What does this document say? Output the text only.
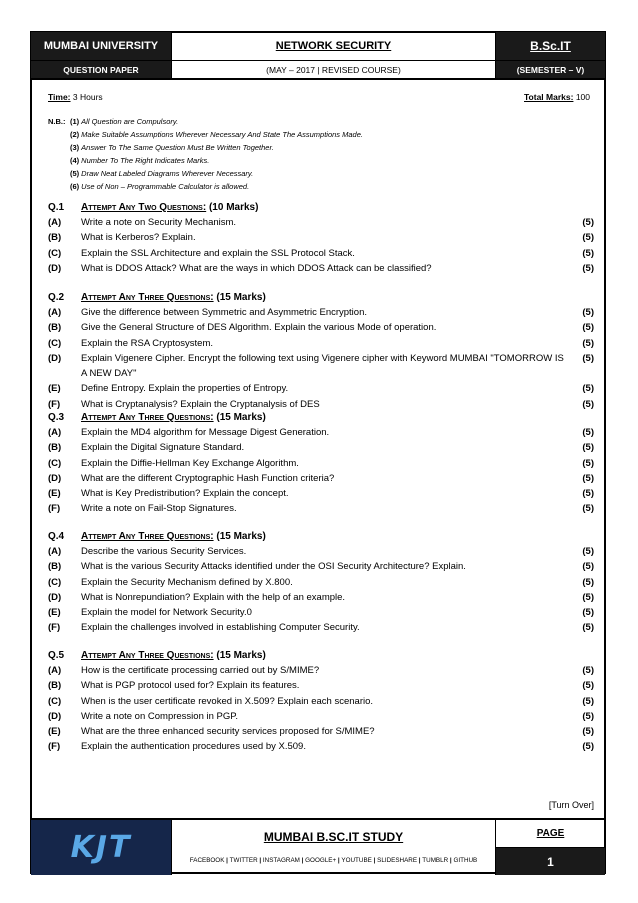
MUMBAI UNIVERSITY	NETWORK SECURITY	B.Sc.IT
QUESTION PAPER	(MAY – 2017 | REVISED COURSE)	(SEMESTER – V)
Time: 3 Hours	Total Marks: 100
N.B.: (1) All Question are Compulsory.
(2) Make Suitable Assumptions Wherever Necessary And State The Assumptions Made.
(3) Answer To The Same Question Must Be Written Together.
(4) Number To The Right Indicates Marks.
(5) Draw Neat Labeled Diagrams Wherever Necessary.
(6) Use of Non – Programmable Calculator is allowed.
Q.1	Attempt Any Two Questions: (10 Marks)
(A)	Write a note on Security Mechanism.	(5)
(B)	What is Kerberos? Explain.	(5)
(C)	Explain the SSL Architecture and explain the SSL Protocol Stack.	(5)
(D)	What is DDOS Attack? What are the ways in which DDOS Attack can be classified?	(5)
Q.2	Attempt Any Three Questions: (15 Marks)
(A)	Give the difference between Symmetric and Asymmetric Encryption.	(5)
(B)	Give the General Structure of DES Algorithm. Explain the various Mode of operation.	(5)
(C)	Explain the RSA Cryptosystem.	(5)
(D)	Explain Vigenere Cipher. Encrypt the following text using Vigenere cipher with Keyword MUMBAI "TOMORROW IS A NEW DAY"
(5)
(E)	Define Entropy. Explain the properties of Entropy.	(5)
(F)	What is Cryptanalysis? Explain the Cryptanalysis of DES	(5)
Q.3	Attempt Any Three Questions: (15 Marks)
(A)	Explain the MD4 algorithm for Message Digest Generation.	(5)
(B)	Explain the Digital Signature Standard.	(5)
(C)	Explain the Diffie-Hellman Key Exchange Algorithm.	(5)
(D)	What are the different Cryptographic Hash Function criteria?	(5)
(E)	What is Key Predistribution? Explain the concept.	(5)
(F)	Write a note on Fail-Stop Signatures.	(5)
Q.4	Attempt Any Three Questions: (15 Marks)
(A)	Describe the various Security Services.	(5)
(B)	What is the various Security Attacks identified under the OSI Security Architecture? Explain.	(5)
(C)	Explain the Security Mechanism defined by X.800.	(5)
(D)	What is Nonrepundiation? Explain with the help of an example.	(5)
(E)	Explain the model for Network Security.0	(5)
(F)	Explain the challenges involved in establishing Computer Security.	(5)
Q.5	Attempt Any Three Questions: (15 Marks)
(A)	How is the certificate processing carried out by S/MIME?	(5)
(B)	What is PGP protocol used for? Explain its features.	(5)
(C)	When is the user certificate revoked in X.509? Explain each scenario.	(5)
(D)	Write a note on Compression in PGP.	(5)
(E)	What are the three enhanced security services proposed for S/MIME?	(5)
(F)	Explain the authentication procedures used by X.509.	(5)
[Turn Over]
KJT	MUMBAI B.SC.IT STUDY
FACEBOOK | TWITTER | INSTAGRAM | GOOGLE+ | YOUTUBE | SLIDESHARE | TUMBLR | GITHUB
PAGE
1
